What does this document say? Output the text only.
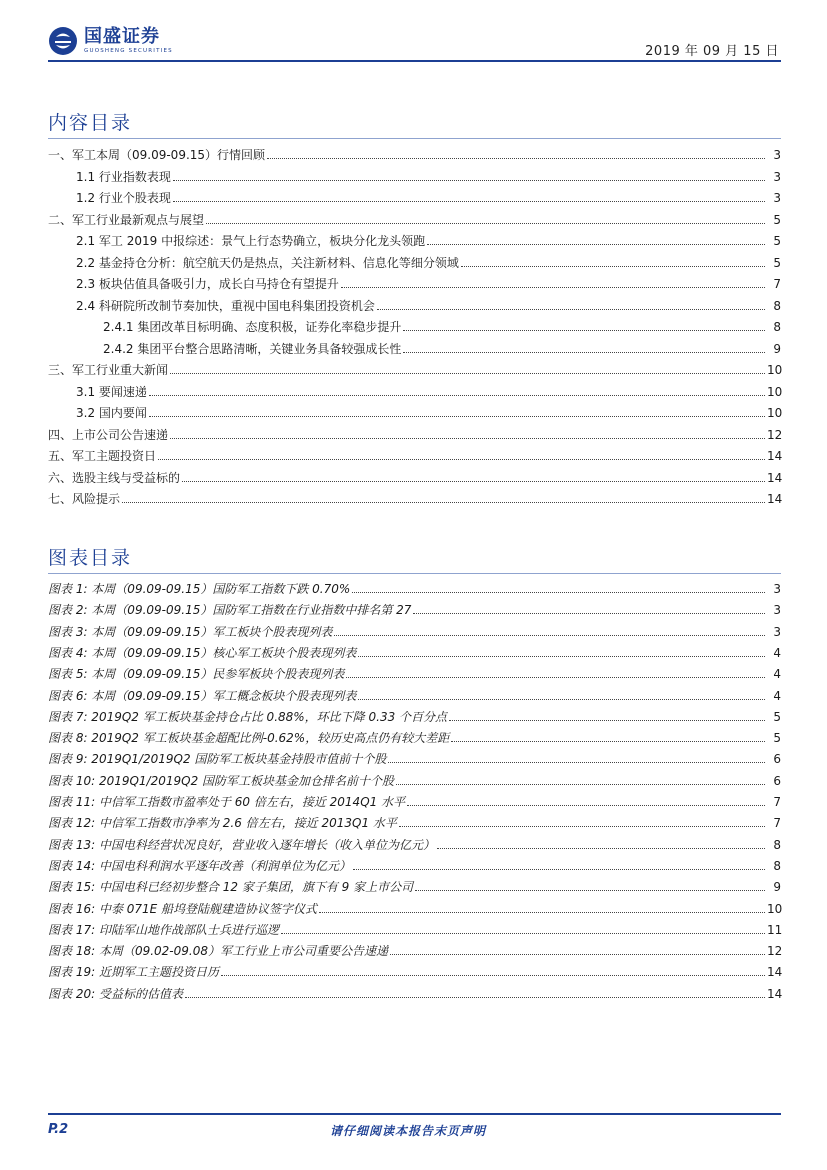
国盛证券
GUOSHENG SECURITIES	2019 年 09 月 15 日
内容目录
一、军工本周（09.09-09.15）行情回顾	3
1.1 行业指数表现	3
1.2 行业个股表现	3
二、军工行业最新观点与展望	5
2.1 军工 2019 中报综述：景气上行态势确立，板块分化龙头领跑	5
2.2 基金持仓分析：航空航天仍是热点，关注新材料、信息化等细分领域	5
2.3 板块估值具备吸引力，成长白马持仓有望提升	7
2.4 科研院所改制节奏加快，重视中国电科集团投资机会	8
2.4.1 集团改革目标明确、态度积极，证券化率稳步提升	8
2.4.2 集团平台整合思路清晰，关键业务具备较强成长性	9
三、军工行业重大新闻	10
3.1 要闻速递	10
3.2 国内要闻	10
四、上市公司公告速递	12
五、军工主题投资日	14
六、选股主线与受益标的	14
七、风险提示	14
图表目录
图表 1: 本周（09.09-09.15）国防军工指数下跌 0.70%	3
图表 2: 本周（09.09-09.15）国防军工指数在行业指数中排名第 27	3
图表 3: 本周（09.09-09.15）军工板块个股表现列表	3
图表 4: 本周（09.09-09.15）核心军工板块个股表现列表	4
图表 5: 本周（09.09-09.15）民参军板块个股表现列表	4
图表 6: 本周（09.09-09.15）军工概念板块个股表现列表	4
图表 7: 2019Q2 军工板块基金持仓占比 0.88%，环比下降 0.33 个百分点	5
图表 8: 2019Q2 军工板块基金超配比例-0.62%，较历史高点仍有较大差距	5
图表 9: 2019Q1/2019Q2 国防军工板块基金持股市值前十个股	6
图表 10: 2019Q1/2019Q2 国防军工板块基金加仓排名前十个股	6
图表 11: 中信军工指数市盈率处于 60 倍左右，接近 2014Q1 水平	7
图表 12: 中信军工指数市净率为 2.6 倍左右，接近 2013Q1 水平	7
图表 13: 中国电科经营状况良好，营业收入逐年增长（收入单位为亿元）	8
图表 14: 中国电科利润水平逐年改善（利润单位为亿元）	8
图表 15: 中国电科已经初步整合 12 家子集团，旗下有 9 家上市公司	9
图表 16: 中泰 071E 船坞登陆舰建造协议签字仪式	10
图表 17: 印陆军山地作战部队士兵进行巡逻	11
图表 18: 本周（09.02-09.08）军工行业上市公司重要公告速递	12
图表 19: 近期军工主题投资日历	14
图表 20: 受益标的估值表	14
P.2	请仔细阅读本报告末页声明
